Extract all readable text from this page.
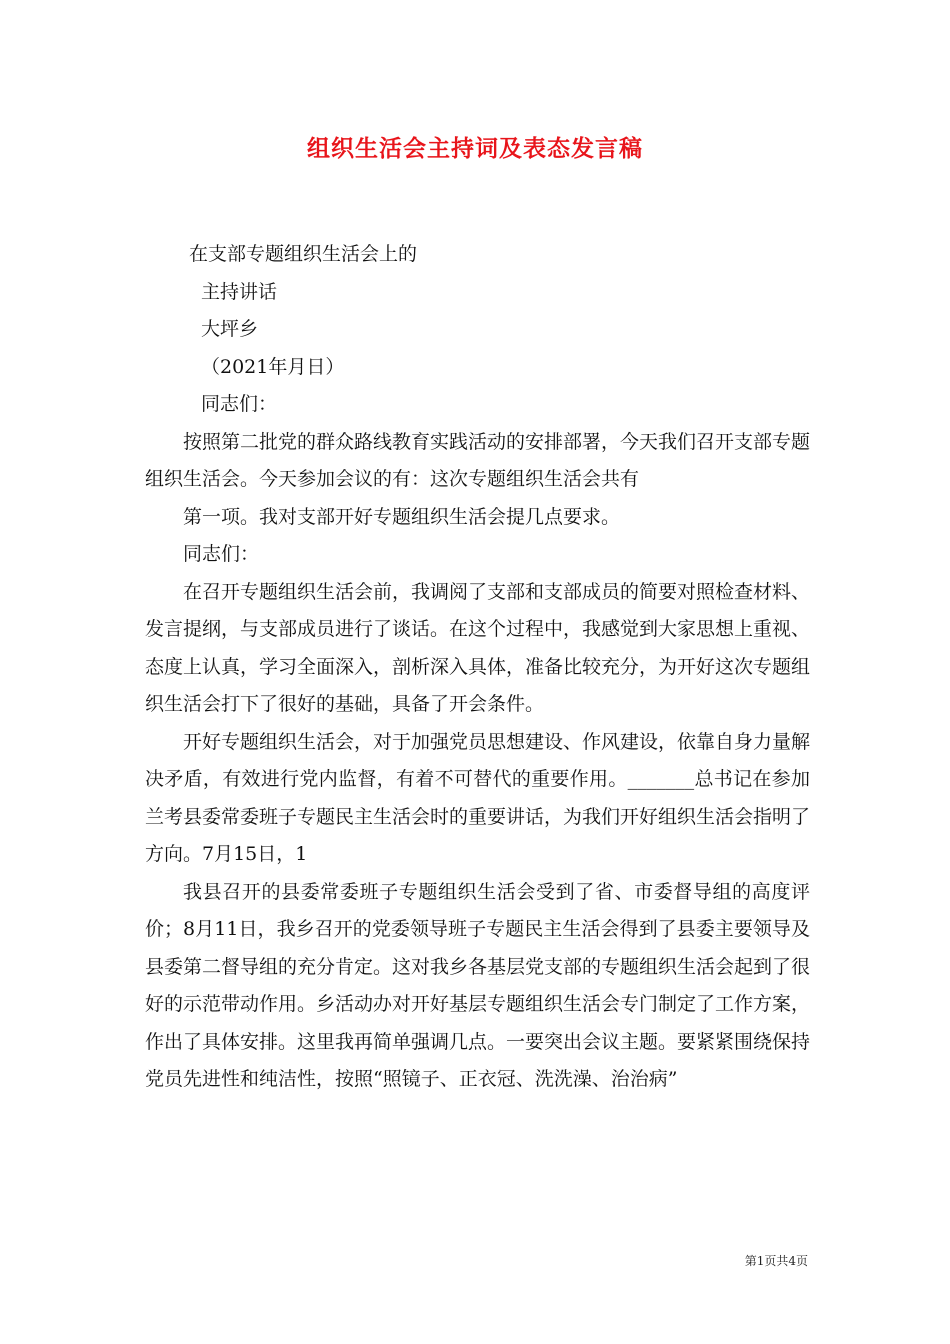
组织生活会主持词及表态发言稿

在支部专题组织生活会上的

主持讲话

大坪乡

（2021年月日）

同志们：

按照第二批党的群众路线教育实践活动的安排部署，今天我们召开支部专题组织生活会。今天参加会议的有：这次专题组织生活会共有

第一项。我对支部开好专题组织生活会提几点要求。

同志们：

在召开专题组织生活会前，我调阅了支部和支部成员的简要对照检查材料、发言提纲，与支部成员进行了谈话。在这个过程中，我感觉到大家思想上重视、态度上认真，学习全面深入，剖析深入具体，准备比较充分，为开好这次专题组织生活会打下了很好的基础，具备了开会条件。

开好专题组织生活会，对于加强党员思想建设、作风建设，依靠自身力量解决矛盾，有效进行党内监督，有着不可替代的重要作用。_______总书记在参加兰考县委常委班子专题民主生活会时的重要讲话，为我们开好组织生活会指明了方向。7月15日，1

我县召开的县委常委班子专题组织生活会受到了省、市委督导组的高度评价；8月11日，我乡召开的党委领导班子专题民主生活会得到了县委主要领导及县委第二督导组的充分肯定。这对我乡各基层党支部的专题组织生活会起到了很好的示范带动作用。乡活动办对开好基层专题组织生活会专门制定了工作方案，作出了具体安排。这里我再简单强调几点。一要突出会议主题。要紧紧围绕保持党员先进性和纯洁性，按照“照镜子、正衣冠、洗洗澡、治治病”

第1页共4页
